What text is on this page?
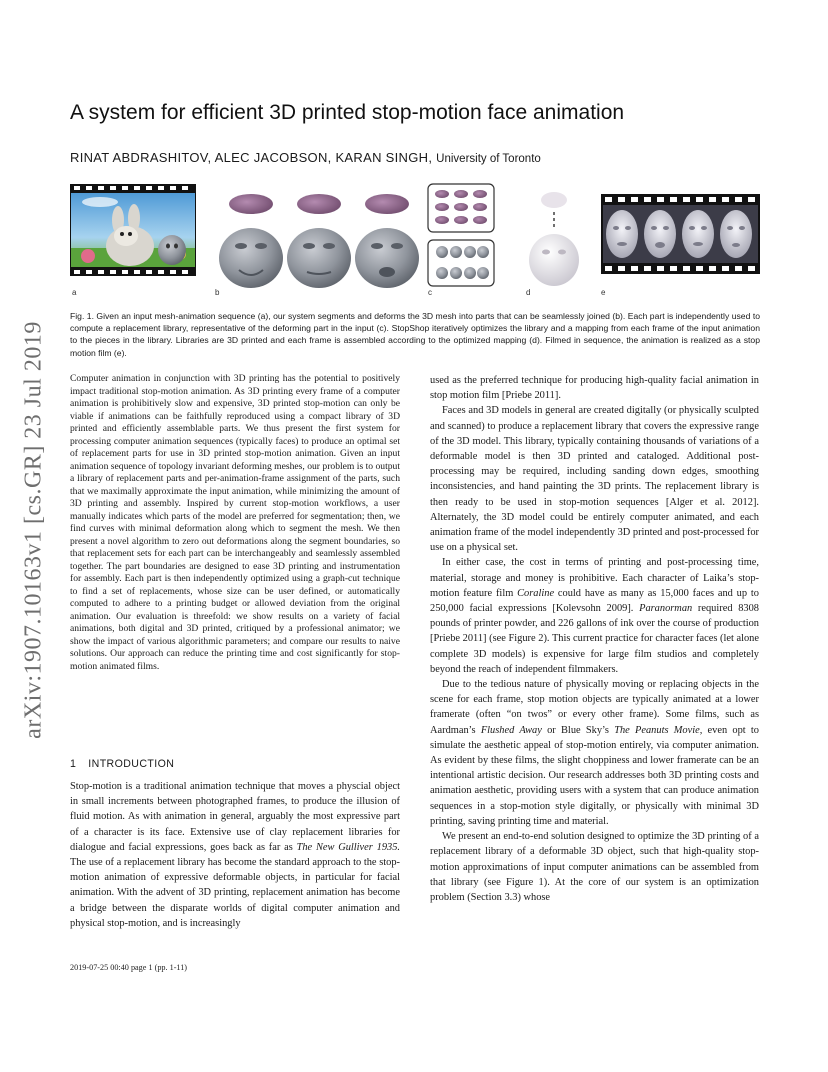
arXiv:1907.10163v1 [cs.GR] 23 Jul 2019
A system for efficient 3D printed stop-motion face animation
RINAT ABDRASHITOV, ALEC JACOBSON, KARAN SINGH, University of Toronto
a	b	c	d	e
Fig. 1. Given an input mesh-animation sequence (a), our system segments and deforms the 3D mesh into parts that can be seamlessly joined (b). Each part is independently used to compute a replacement library, representative of the deforming part in the input (c). StopShop iteratively optimizes the library and a mapping from each frame of the input animation to the pieces in the library. Libraries are 3D printed and each frame is assembled according to the optimized mapping (d). Filmed in sequence, the animation is realized as a stop motion film (e).
Computer animation in conjunction with 3D printing has the potential to positively impact traditional stop-motion animation. As 3D printing every frame of a computer animation is prohibitively slow and expensive, 3D printed stop-motion can only be viable if animations can be faithfully reproduced using a compact library of 3D printed and efficiently assemblable parts. We thus present the first system for processing computer animation sequences (typically faces) to produce an optimal set of replacement parts for use in 3D printed stop-motion animation. Given an input animation sequence of topology invariant deforming meshes, our problem is to output a library of replacement parts and per-animation-frame assignment of the parts, such that we maximally approximate the input animation, while minimizing the amount of 3D printing and assembly. Inspired by current stop-motion workflows, a user manually indicates which parts of the model are preferred for segmentation; then, we find curves with minimal deformation along which to segment the mesh. We then present a novel algorithm to zero out deformations along the segment boundaries, so that replacement sets for each part can be interchangeably and seamlessly assembled together. The part boundaries are designed to ease 3D printing and instrumentation for assembly. Each part is then independently optimized using a graph-cut technique to find a set of replacements, whose size can be user defined, or automatically computed to adhere to a printing budget or allowed deviation from the original animation. Our evaluation is threefold: we show results on a variety of facial animations, both digital and 3D printed, critiqued by a professional animator; we show the impact of various algorithmic parameters; and compare our results to naive solutions. Our approach can reduce the printing time and cost significantly for stop-motion animated films.
1 INTRODUCTION
Stop-motion is a traditional animation technique that moves a physcial object in small increments between photographed frames, to produce the illusion of fluid motion. As with animation in general, arguably the most expressive part of a character is its face. Extensive use of clay replacement libraries for dialogue and facial expressions, goes back as far as The New Gulliver 1935. The use of a replacement library has become the standard approach to the stop-motion animation of expressive deformable objects, in particular for facial animation. With the advent of 3D printing, replacement animation has become a bridge between the disparate worlds of digital computer animation and physical stop-motion, and is increasingly

used as the preferred technique for producing high-quality facial animation in stop motion film [Priebe 2011].

Faces and 3D models in general are created digitally (or physically sculpted and scanned) to produce a replacement library that covers the expressive range of the 3D model. This library, typically containing thousands of variations of a deformable model is then 3D printed and cataloged. Additional post-processing may be required, including sanding down edges, smoothing inconsistencies, and hand painting the 3D prints. The replacement library is then ready to be used in stop-motion sequences [Alger et al. 2012]. Alternately, the 3D model could be entirely computer animated, and each animation frame of the model independently 3D printed and post-processed for use on a physical set.

In either case, the cost in terms of printing and post-processing time, material, storage and money is prohibitive. Each character of Laika’s stop-motion feature film Coraline could have as many as 15,000 faces and up to 250,000 facial expressions [Kolevsohn 2009]. Paranorman required 8308 pounds of printer powder, and 226 gallons of ink over the course of production [Priebe 2011] (see Figure 2). This current practice for character faces (let alone complete 3D models) is expensive for large film studios and completely beyond the reach of independent filmmakers.

Due to the tedious nature of physically moving or replacing objects in the scene for each frame, stop motion objects are typically animated at a lower framerate (often “on twos” or every other frame). Some films, such as Aardman’s Flushed Away or Blue Sky’s The Peanuts Movie, even opt to simulate the aesthetic appeal of stop-motion entirely, via computer animation. As evident by these films, the slight choppiness and lower framerate can be an intentional artistic decision. Our research addresses both 3D printing costs and animation aesthetic, providing users with a system that can produce animation sequences in a stop-motion style digitally, or physically with minimal 3D printing, saving printing time and material.

We present an end-to-end solution designed to optimize the 3D printing of a replacement library of a deformable 3D object, such that high-quality stop-motion approximations of input computer animations can be assembled from that library (see Figure 1). At the core of our system is an optimization problem (Section 3.3) whose

2019-07-25 00:40 page 1 (pp. 1-11)
